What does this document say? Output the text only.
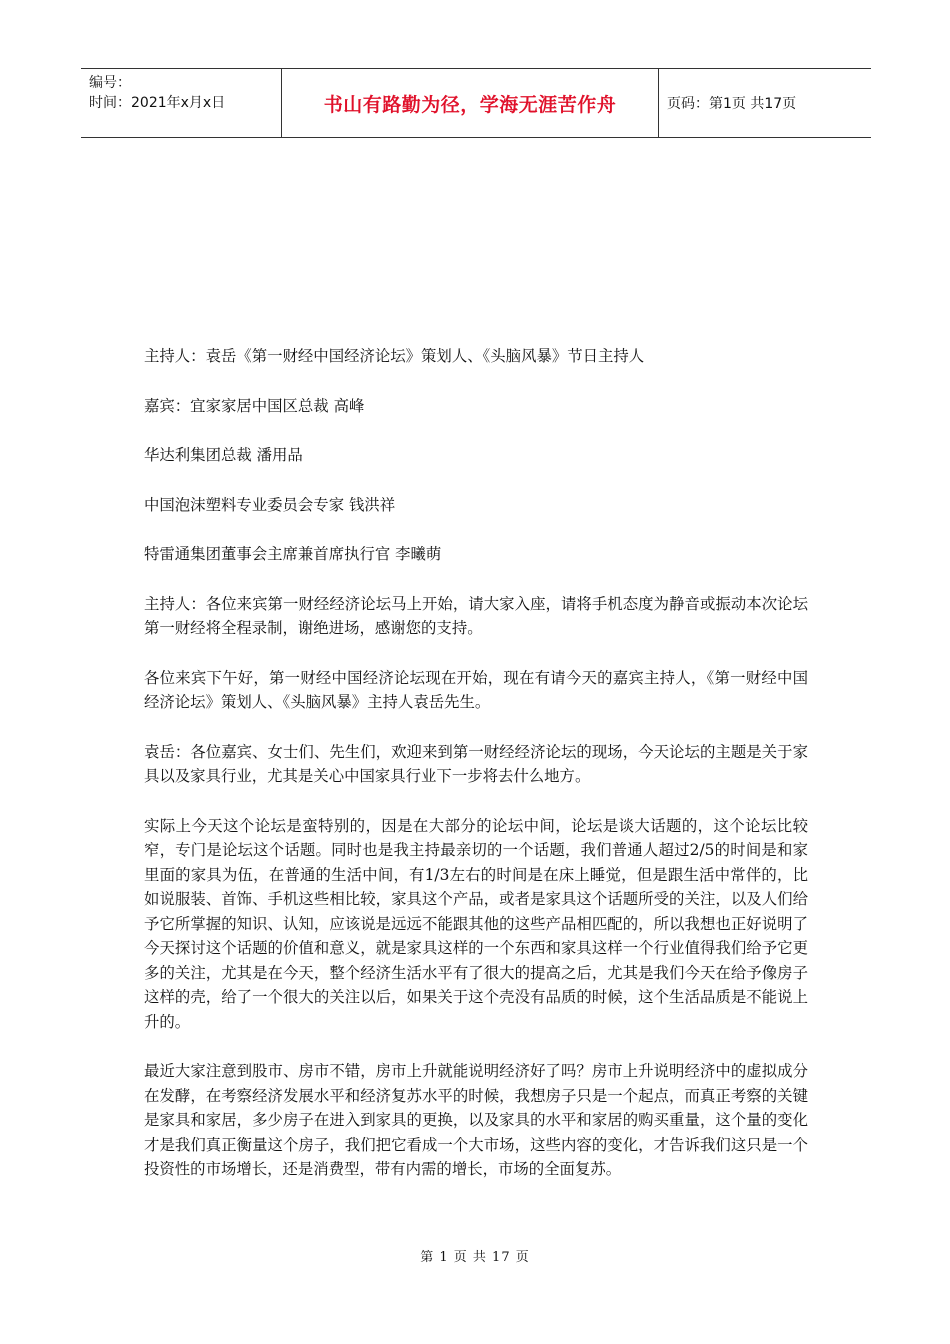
编号：
时间：2021年x月x日	书山有路勤为径，学海无涯苦作舟	页码：第1页 共17页

主持人：袁岳《第一财经中国经济论坛》策划人、《头脑风暴》节日主持人

嘉宾：宜家家居中国区总裁 高峰

华达利集团总裁 潘用品

中国泡沫塑料专业委员会专家 钱洪祥

特雷通集团董事会主席兼首席执行官 李曦萌

主持人：各位来宾第一财经经济论坛马上开始，请大家入座，请将手机态度为静音或振动本次论坛第一财经将全程录制，谢绝进场，感谢您的支持。

各位来宾下午好，第一财经中国经济论坛现在开始，现在有请今天的嘉宾主持人，《第一财经中国经济论坛》策划人、《头脑风暴》主持人袁岳先生。

袁岳：各位嘉宾、女士们、先生们，欢迎来到第一财经经济论坛的现场，今天论坛的主题是关于家具以及家具行业，尤其是关心中国家具行业下一步将去什么地方。

实际上今天这个论坛是蛮特别的，因是在大部分的论坛中间，论坛是谈大话题的，这个论坛比较窄，专门是论坛这个话题。同时也是我主持最亲切的一个话题，我们普通人超过2/5的时间是和家里面的家具为伍，在普通的生活中间，有1/3左右的时间是在床上睡觉，但是跟生活中常伴的，比如说服装、首饰、手机这些相比较，家具这个产品，或者是家具这个话题所受的关注，以及人们给予它所掌握的知识、认知，应该说是远远不能跟其他的这些产品相匹配的，所以我想也正好说明了今天探讨这个话题的价值和意义，就是家具这样的一个东西和家具这样一个行业值得我们给予它更多的关注，尤其是在今天，整个经济生活水平有了很大的提高之后，尤其是我们今天在给予像房子这样的壳，给了一个很大的关注以后，如果关于这个壳没有品质的时候，这个生活品质是不能说上升的。

最近大家注意到股市、房市不错，房市上升就能说明经济好了吗？房市上升说明经济中的虚拟成分在发酵，在考察经济发展水平和经济复苏水平的时候，我想房子只是一个起点，而真正考察的关键是家具和家居，多少房子在进入到家具的更换，以及家具的水平和家居的购买重量，这个量的变化才是我们真正衡量这个房子，我们把它看成一个大市场，这些内容的变化，才告诉我们这只是一个投资性的市场增长，还是消费型，带有内需的增长，市场的全面复苏。

第 1 页 共 17 页
